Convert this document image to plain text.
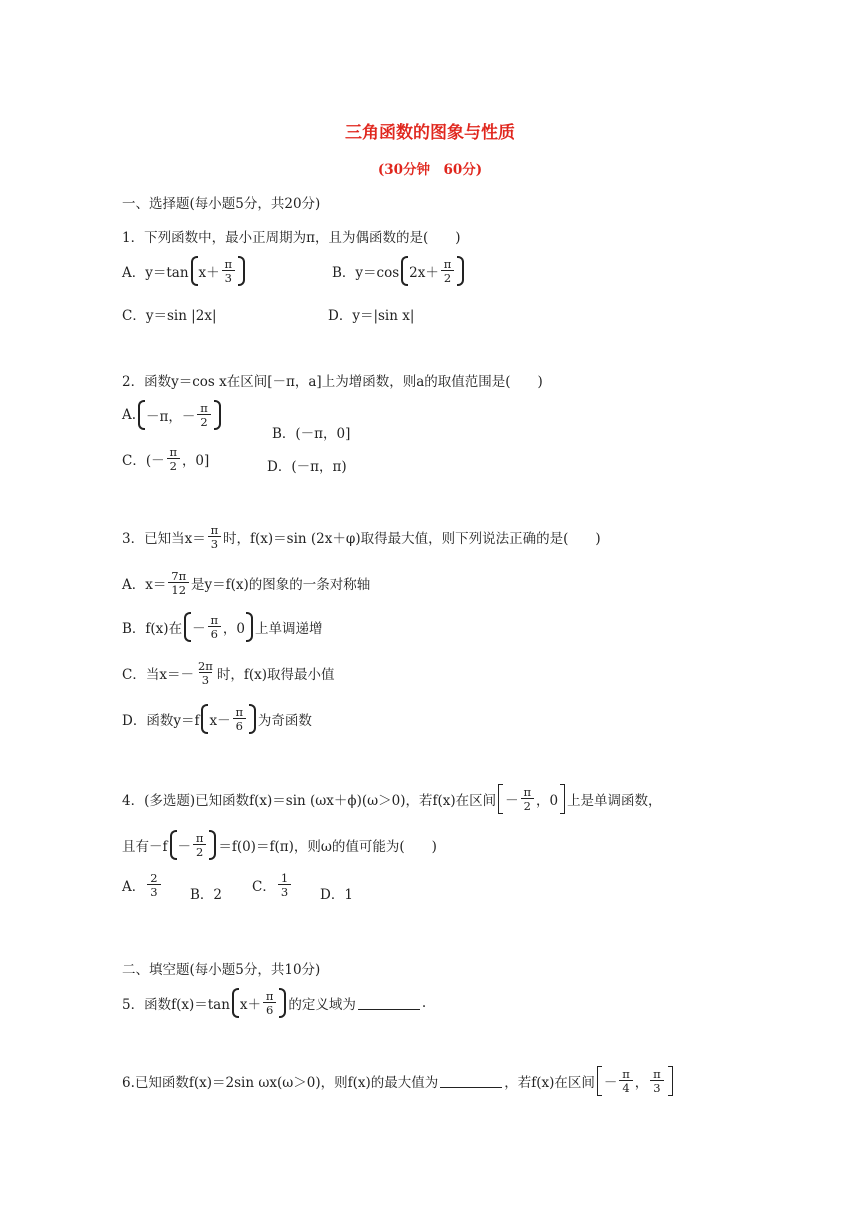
三角函数的图象与性质
(30分钟　60分)
一、选择题(每小题5分，共20分)
1．下列函数中，最小正周期为π，且为偶函数的是(　　)
A．y＝tan $x+ \frac{\pi}{3}$	B．y＝cos $2x+ \frac{\pi}{2}$
C．y＝sin |2x|	D．y＝|sin x|
2．函数y＝cos x在区间[－π，a]上为增函数，则a的取值范围是(　　)
A. －π，－ $\frac{\pi}{2}$
B．(－π，0]
C．(－ $\frac{\pi}{2}$ ，0]	D．(－π，π)
3．已知当$x= \frac{\pi}{3}$ 时，f(x)＝sin (2x＋φ)取得最大值，则下列说法正确的是(　　)
A．$x= \frac{7\pi}{12}$ 是y＝f(x)的图象的一条对称轴
B．f(x)在 － $\frac{\pi}{6}$ ，0 上单调递增
C．当$x=- \frac{2\pi}{3}$ 时，f(x)取得最小值
D．函数y＝f $x- \frac{\pi}{6}$ 为奇函数
4．(多选题)已知函数f(x)＝sin (ωx＋ϕ)(ω＞0)，若f(x)在区间 － $\frac{\pi}{2}$ ，0 上是单调函数，
且有$-f - \frac{\pi}{2} =f(0)=f(\pi)$，则ω的值可能为(　　)
A． $\frac{2}{3}$ B．2 C． $\frac{1}{3}$ D．1
二、填空题(每小题5分，共10分)
5．函数f(x)＝tan $x+ \frac{\pi}{6}$ 的定义域为	.
6.已知函数f(x)＝2sin ωx(ω＞0)，则f(x)的最大值为	，若f(x)在区间 － $\frac{\pi}{4}$ ， $\frac{\pi}{3}$
